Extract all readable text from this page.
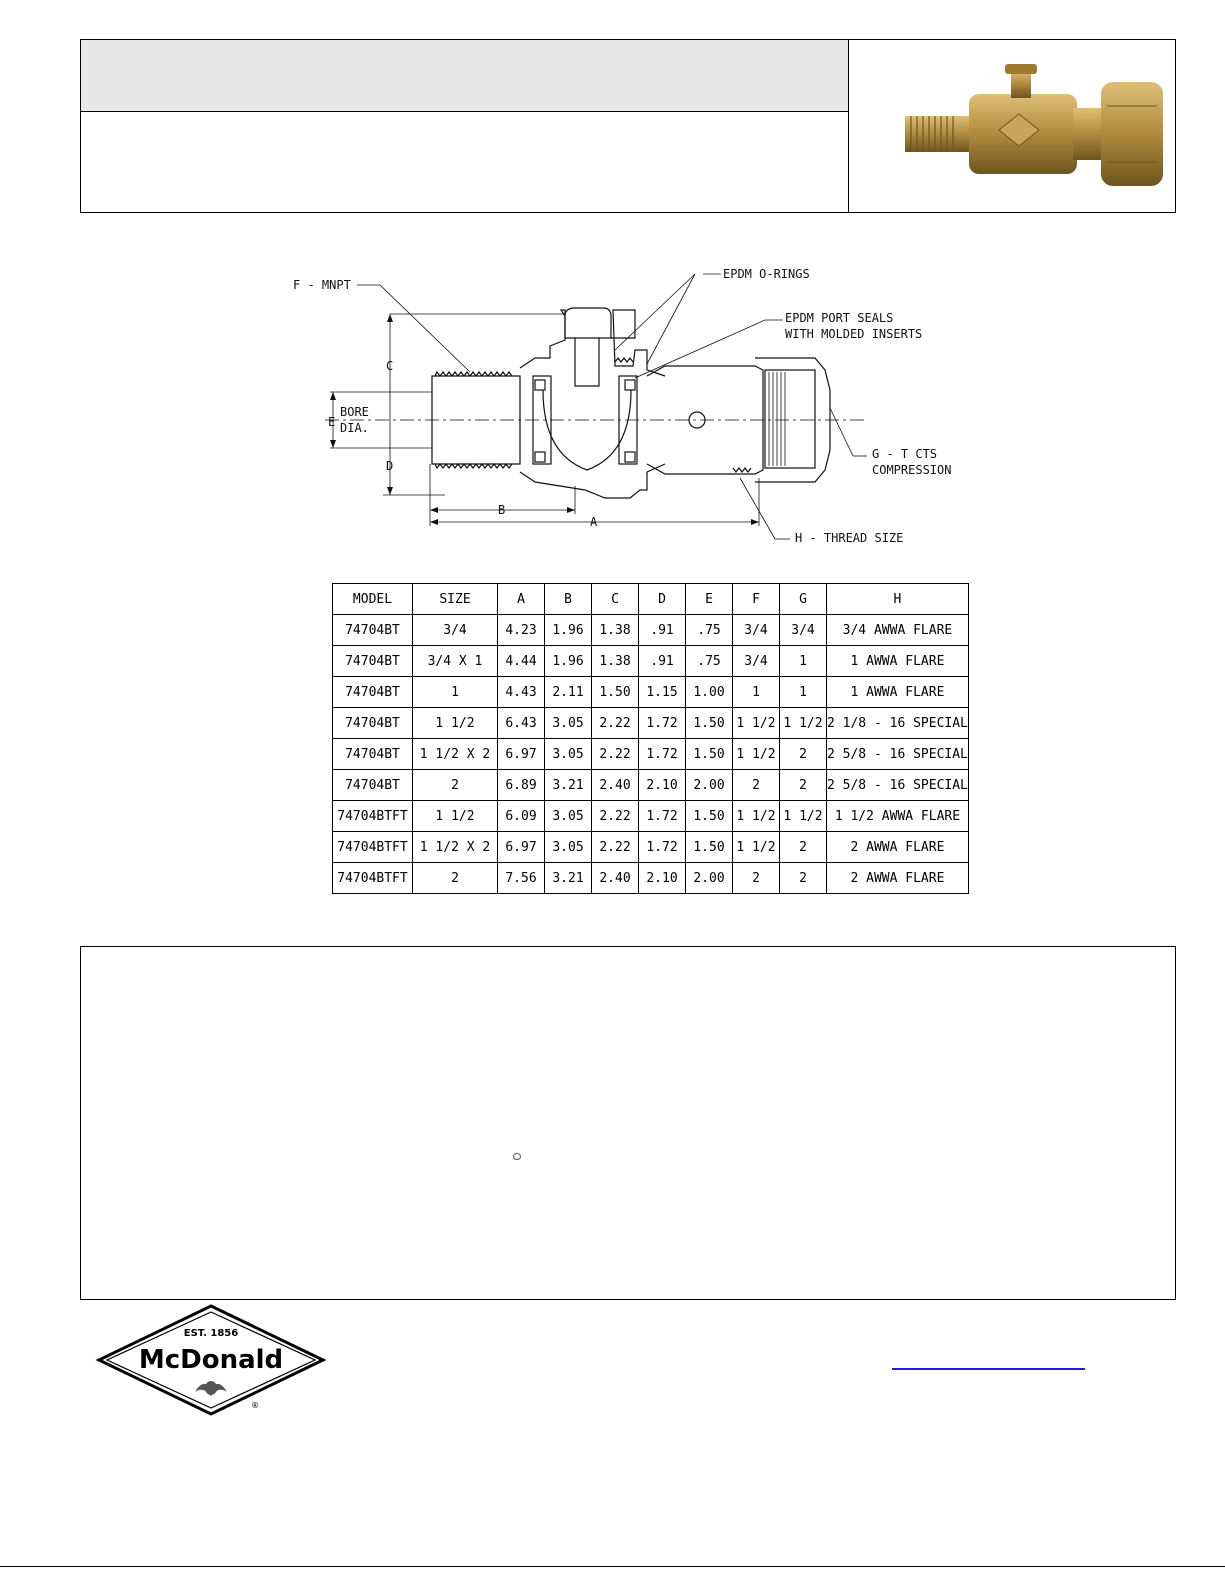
F - MNPT
EPDM O-RINGS
EPDM PORT SEALS
WITH MOLDED INSERTS
G - T CTS
COMPRESSION
H - THREAD SIZE
C
D
E
BORE
DIA.
B
A
MODEL	SIZE	A	B	C	D	E	F	G	H
74704BT	3/4	4.23	1.96	1.38	.91	.75	3/4	3/4	3/4 AWWA FLARE
74704BT	3/4 X 1	4.44	1.96	1.38	.91	.75	3/4	1	1 AWWA FLARE
74704BT	1	4.43	2.11	1.50	1.15	1.00	1	1	1 AWWA FLARE
74704BT	1 1/2	6.43	3.05	2.22	1.72	1.50	1 1/2	1 1/2	2 1/8 - 16 SPECIAL
74704BT	1 1/2 X 2	6.97	3.05	2.22	1.72	1.50	1 1/2	2	2 5/8 - 16 SPECIAL
74704BT	2	6.89	3.21	2.40	2.10	2.00	2	2	2 5/8 - 16 SPECIAL
74704BTFT	1 1/2	6.09	3.05	2.22	1.72	1.50	1 1/2	1 1/2	1 1/2 AWWA FLARE
74704BTFT	1 1/2 X 2	6.97	3.05	2.22	1.72	1.50	1 1/2	2	2 AWWA FLARE
74704BTFT	2	7.56	3.21	2.40	2.10	2.00	2	2	2 AWWA FLARE
EST. 1856
McDonald
®
